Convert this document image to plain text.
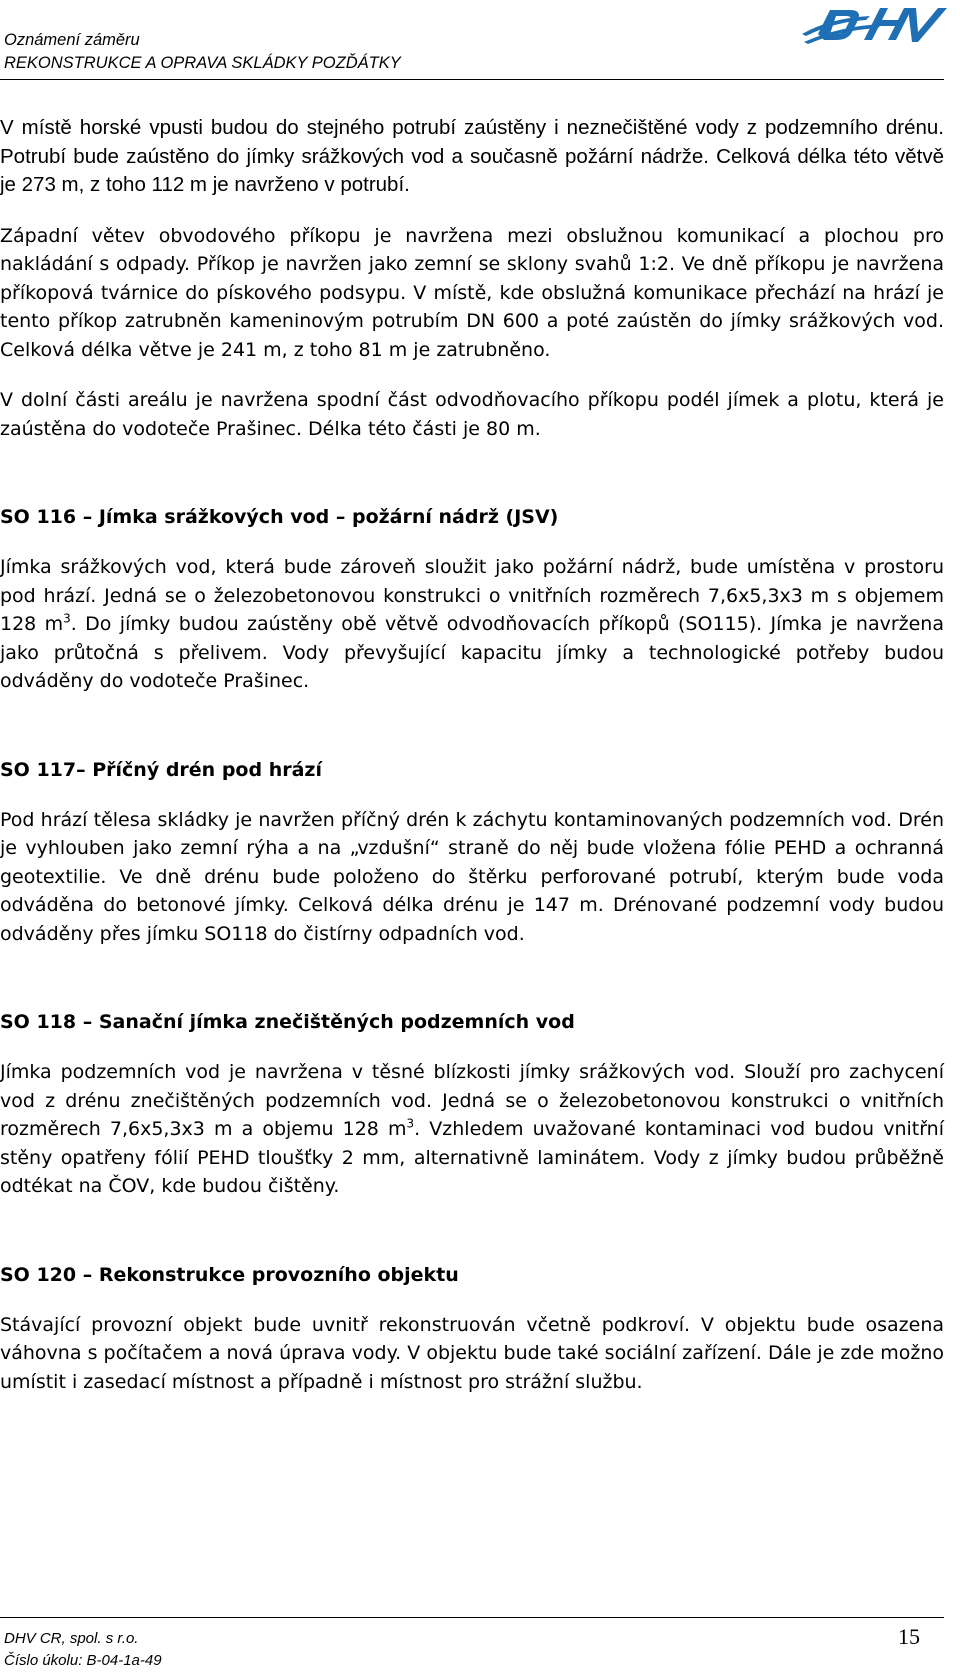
Oznámení záměru
REKONSTRUKCE A OPRAVA SKLÁDKY POZĎÁTKY
DHV

V místě horské vpusti budou do stejného potrubí zaústěny i neznečištěné vody z podzemního drénu. Potrubí bude zaústěno do jímky srážkových vod a současně požární nádrže. Celková délka této větvě je 273 m, z toho 112 m je navrženo v potrubí.

Západní větev obvodového příkopu je navržena mezi obslužnou komunikací a plochou pro nakládání s odpady. Příkop je navržen jako zemní se sklony svahů 1:2. Ve dně příkopu je navržena příkopová tvárnice do pískového podsypu. V místě, kde obslužná komunikace přechází na hrází je tento příkop zatrubněn kameninovým potrubím DN 600 a poté zaústěn do jímky srážkových vod. Celková délka větve je 241 m, z toho 81 m je zatrubněno.

V dolní části areálu je navržena spodní část odvodňovacího příkopu podél jímek a plotu, která je zaústěna do vodoteče Prašinec. Délka této části je 80 m.

SO 116 – Jímka srážkových vod – požární nádrž (JSV)

Jímka srážkových vod, která bude zároveň sloužit jako požární nádrž, bude umístěna v prostoru pod hrází. Jedná se o železobetonovou konstrukci o vnitřních rozměrech 7,6x5,3x3 m s objemem 128 $m^3$. Do jímky budou zaústěny obě větvě odvodňovacích příkopů (SO115). Jímka je navržena jako průtočná s přelivem. Vody převyšující kapacitu jímky a technologické potřeby budou odváděny do vodoteče Prašinec.

SO 117– Příčný drén pod hrází

Pod hrází tělesa skládky je navržen příčný drén k záchytu kontaminovaných podzemních vod. Drén je vyhlouben jako zemní rýha a na „vzdušní“ straně do něj bude vložena fólie PEHD a ochranná geotextilie. Ve dně drénu bude položeno do štěrku perforované potrubí, kterým bude voda odváděna do betonové jímky. Celková délka drénu je 147 m. Drénované podzemní vody budou odváděny přes jímku SO118 do čistírny odpadních vod.

SO 118 – Sanační jímka znečištěných podzemních vod

Jímka podzemních vod je navržena v těsné blízkosti jímky srážkových vod. Slouží pro zachycení vod z drénu znečištěných podzemních vod. Jedná se o železobetonovou konstrukci o vnitřních rozměrech 7,6x5,3x3 m a objemu 128 $m^3$. Vzhledem uvažované kontaminaci vod budou vnitřní stěny opatřeny fólií PEHD tloušťky 2 mm, alternativně laminátem. Vody z jímky budou průběžně odtékat na ČOV, kde budou čištěny.

SO 120 – Rekonstrukce provozního objektu

Stávající provozní objekt bude uvnitř rekonstruován včetně podkroví. V objektu bude osazena váhovna s počítačem a nová úprava vody. V objektu bude také sociální zařízení. Dále je zde možno umístit i zasedací místnost a případně i místnost pro strážní službu.

DHV CR, spol. s r.o.
Číslo úkolu: B-04-1a-49
15
